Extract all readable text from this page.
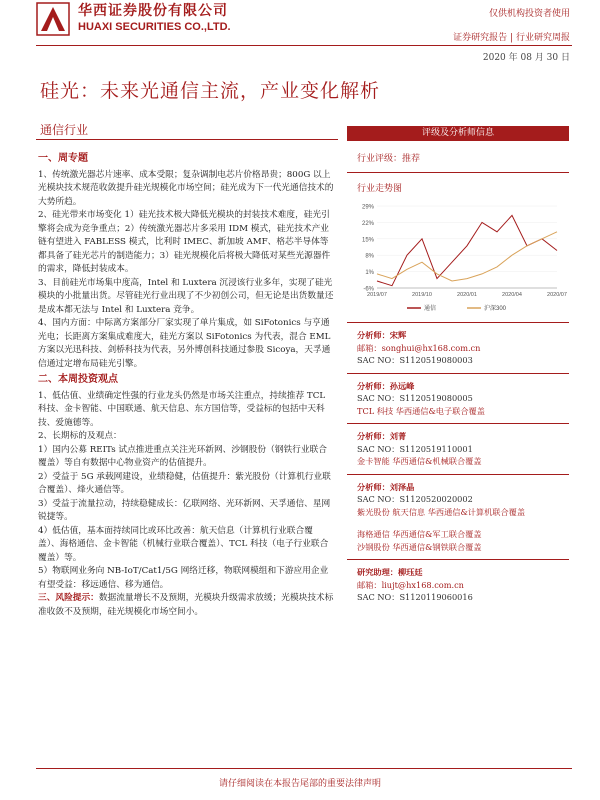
华西证券股份有限公司
HUAXI SECURITIES CO.,LTD.
仅供机构投资者使用
证券研究报告 | 行业研究周报
2020 年 08 月 30 日
硅光：未来光通信主流，产业变化解析
通信行业

一、周专题

1、传统激光器芯片速率、成本受限；复杂调制电芯片价格昂贵；800G 以上光模块技术规范收敛提升硅光规模化市场空间；硅光成为下一代光通信技术的大势所趋。

2、硅光带来市场变化 1）硅光技术极大降低光模块的封装技术难度，硅光引擎将会成为竞争重点；2）传统激光器芯片多采用 IDM 模式，硅光技术产业链有望进入 FABLESS 模式，比利时 IMEC、新加坡 AMF、格芯半导体等都具备了硅光芯片的制造能力；3）硅光规模化后将极大降低对某些光源器件的需求，降低封装成本。

3、目前硅光市场集中度高，Intel 和 Luxtera 沉浸该行业多年，实现了硅光模块的小批量出货。尽管硅光行业出现了不少初创公司，但无论是出货数量还是成本都无法与 Intel 和 Luxtera 竞争。

4、国内方面：中际离方案部分厂家实现了单片集成，如 SiFotonics 与亨通光电；长距离方案集成难度大，硅光方案以 SiFotonics 为代表，混合 EML 方案以光迅科技、剑桥科技为代表，另外博创科技通过参股 Sicoya，天孚通信通过定增布局硅光引擎。

二、本周投资观点

1、低估值、业绩确定性强的行业龙头仍然是市场关注重点，持续推荐 TCL 科技、金卡智能、中国联通、航天信息、东方国信等，受益标的包括中天科技、爱施德等。

2、长期标的及观点：

1）国内公募 REITs 试点推进重点关注光环新网、沙钢股份（钢铁行业联合覆盖）等自有数据中心物业资产的估值提升。

2）受益于 5G 承载网建设，业绩稳健，估值提升：紫光股份（计算机行业联合覆盖）、烽火通信等。

3）受益于流量拉动，持续稳健成长：亿联网络、光环新网、天孚通信、星网锐捷等。

4）低估值，基本面持续同比或环比改善：航天信息（计算机行业联合覆盖）、海格通信、金卡智能（机械行业联合覆盖）、TCL 科技（电子行业联合覆盖）等。

5）物联网业务向 NB-IoT/Cat1/5G 网络迁移，物联网模组和下游应用企业有望受益：移远通信、移为通信。

三、风险提示：数据流量增长不及预期，光模块升级需求放缓；光模块技术标准收敛不及预期，硅光规模化市场空间小。

评级及分析师信息
行业评级：推荐
行业走势图
29%
22%
15%
8%
1%
-6%
2019/07	2019/10	2020/01	2020/04	2020/07
通信	沪深300
分析师：宋辉
邮箱：songhui@hx168.com.cn
SAC NO：S1120519080003
分析师：孙远峰
SAC NO：S1120519080005
TCL 科技 华西通信&电子联合覆盖
分析师：刘菁
SAC NO：S1120519110001
金卡智能 华西通信&机械联合覆盖
分析师：刘泽晶
SAC NO：S1120520020002
紫光股份 航天信息 华西通信&计算机联合覆盖
海格通信 华西通信&军工联合覆盖
沙钢股份 华西通信&钢铁联合覆盖
研究助理：柳珏廷
邮箱：liujt@hx168.com.cn
SAC NO：S1120119060016
请仔细阅读在本报告尾部的重要法律声明
